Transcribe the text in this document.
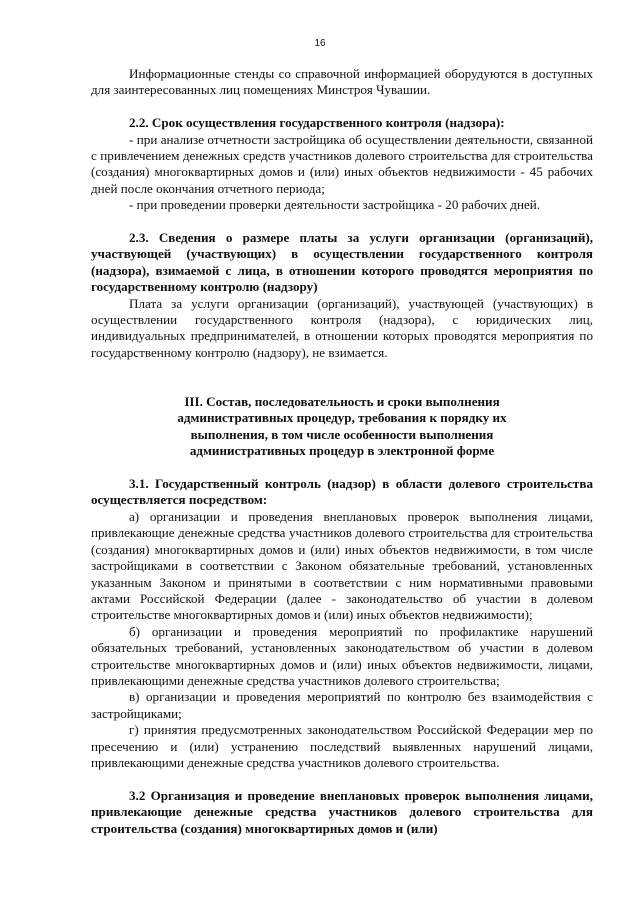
16

Информационные стенды со справочной информацией оборудуются в доступных для заинтересованных лиц помещениях Минстроя Чувашии.

2.2. Срок осуществления государственного контроля (надзора):

- при анализе отчетности застройщика об осуществлении деятельности, связанной с привлечением денежных средств участников долевого строительства для строительства (создания) многоквартирных домов и (или) иных объектов недвижимости - 45 рабочих дней после окончания отчетного периода;

- при проведении проверки деятельности застройщика - 20 рабочих дней.

2.3. Сведения о размере платы за услуги организации (организаций), участвующей (участвующих) в осуществлении государственного контроля (надзора), взимаемой с лица, в отношении которого проводятся мероприятия по государственному контролю (надзору)

Плата за услуги организации (организаций), участвующей (участвующих) в осуществлении государственного контроля (надзора), с юридических лиц, индивидуальных предпринимателей, в отношении которых проводятся мероприятия по государственному контролю (надзору), не взимается.

III. Состав, последовательность и сроки выполнения административных процедур, требования к порядку их выполнения, в том числе особенности выполнения административных процедур в электронной форме

3.1. Государственный контроль (надзор) в области долевого строительства осуществляется посредством:

а) организации и проведения внеплановых проверок выполнения лицами, привлекающие денежные средства участников долевого строительства для строительства (создания) многоквартирных домов и (или) иных объектов недвижимости, в том числе застройщиками в соответствии с Законом обязательные требований, установленных указанным Законом и принятыми в соответствии с ним нормативными правовыми актами Российской Федерации (далее - законодательство об участии в долевом строительстве многоквартирных домов и (или) иных объектов недвижимости);

б) организации и проведения мероприятий по профилактике нарушений обязательных требований, установленных законодательством об участии в долевом строительстве многоквартирных домов и (или) иных объектов недвижимости, лицами, привлекающими денежные средства участников долевого строительства;

в) организации и проведения мероприятий по контролю без взаимодействия с застройщиками;

г) принятия предусмотренных законодательством Российской Федерации мер по пресечению и (или) устранению последствий выявленных нарушений лицами, привлекающими денежные средства участников долевого строительства.

3.2 Организация и проведение внеплановых проверок выполнения лицами, привлекающие денежные средства участников долевого строительства для строительства (создания) многоквартирных домов и (или)
